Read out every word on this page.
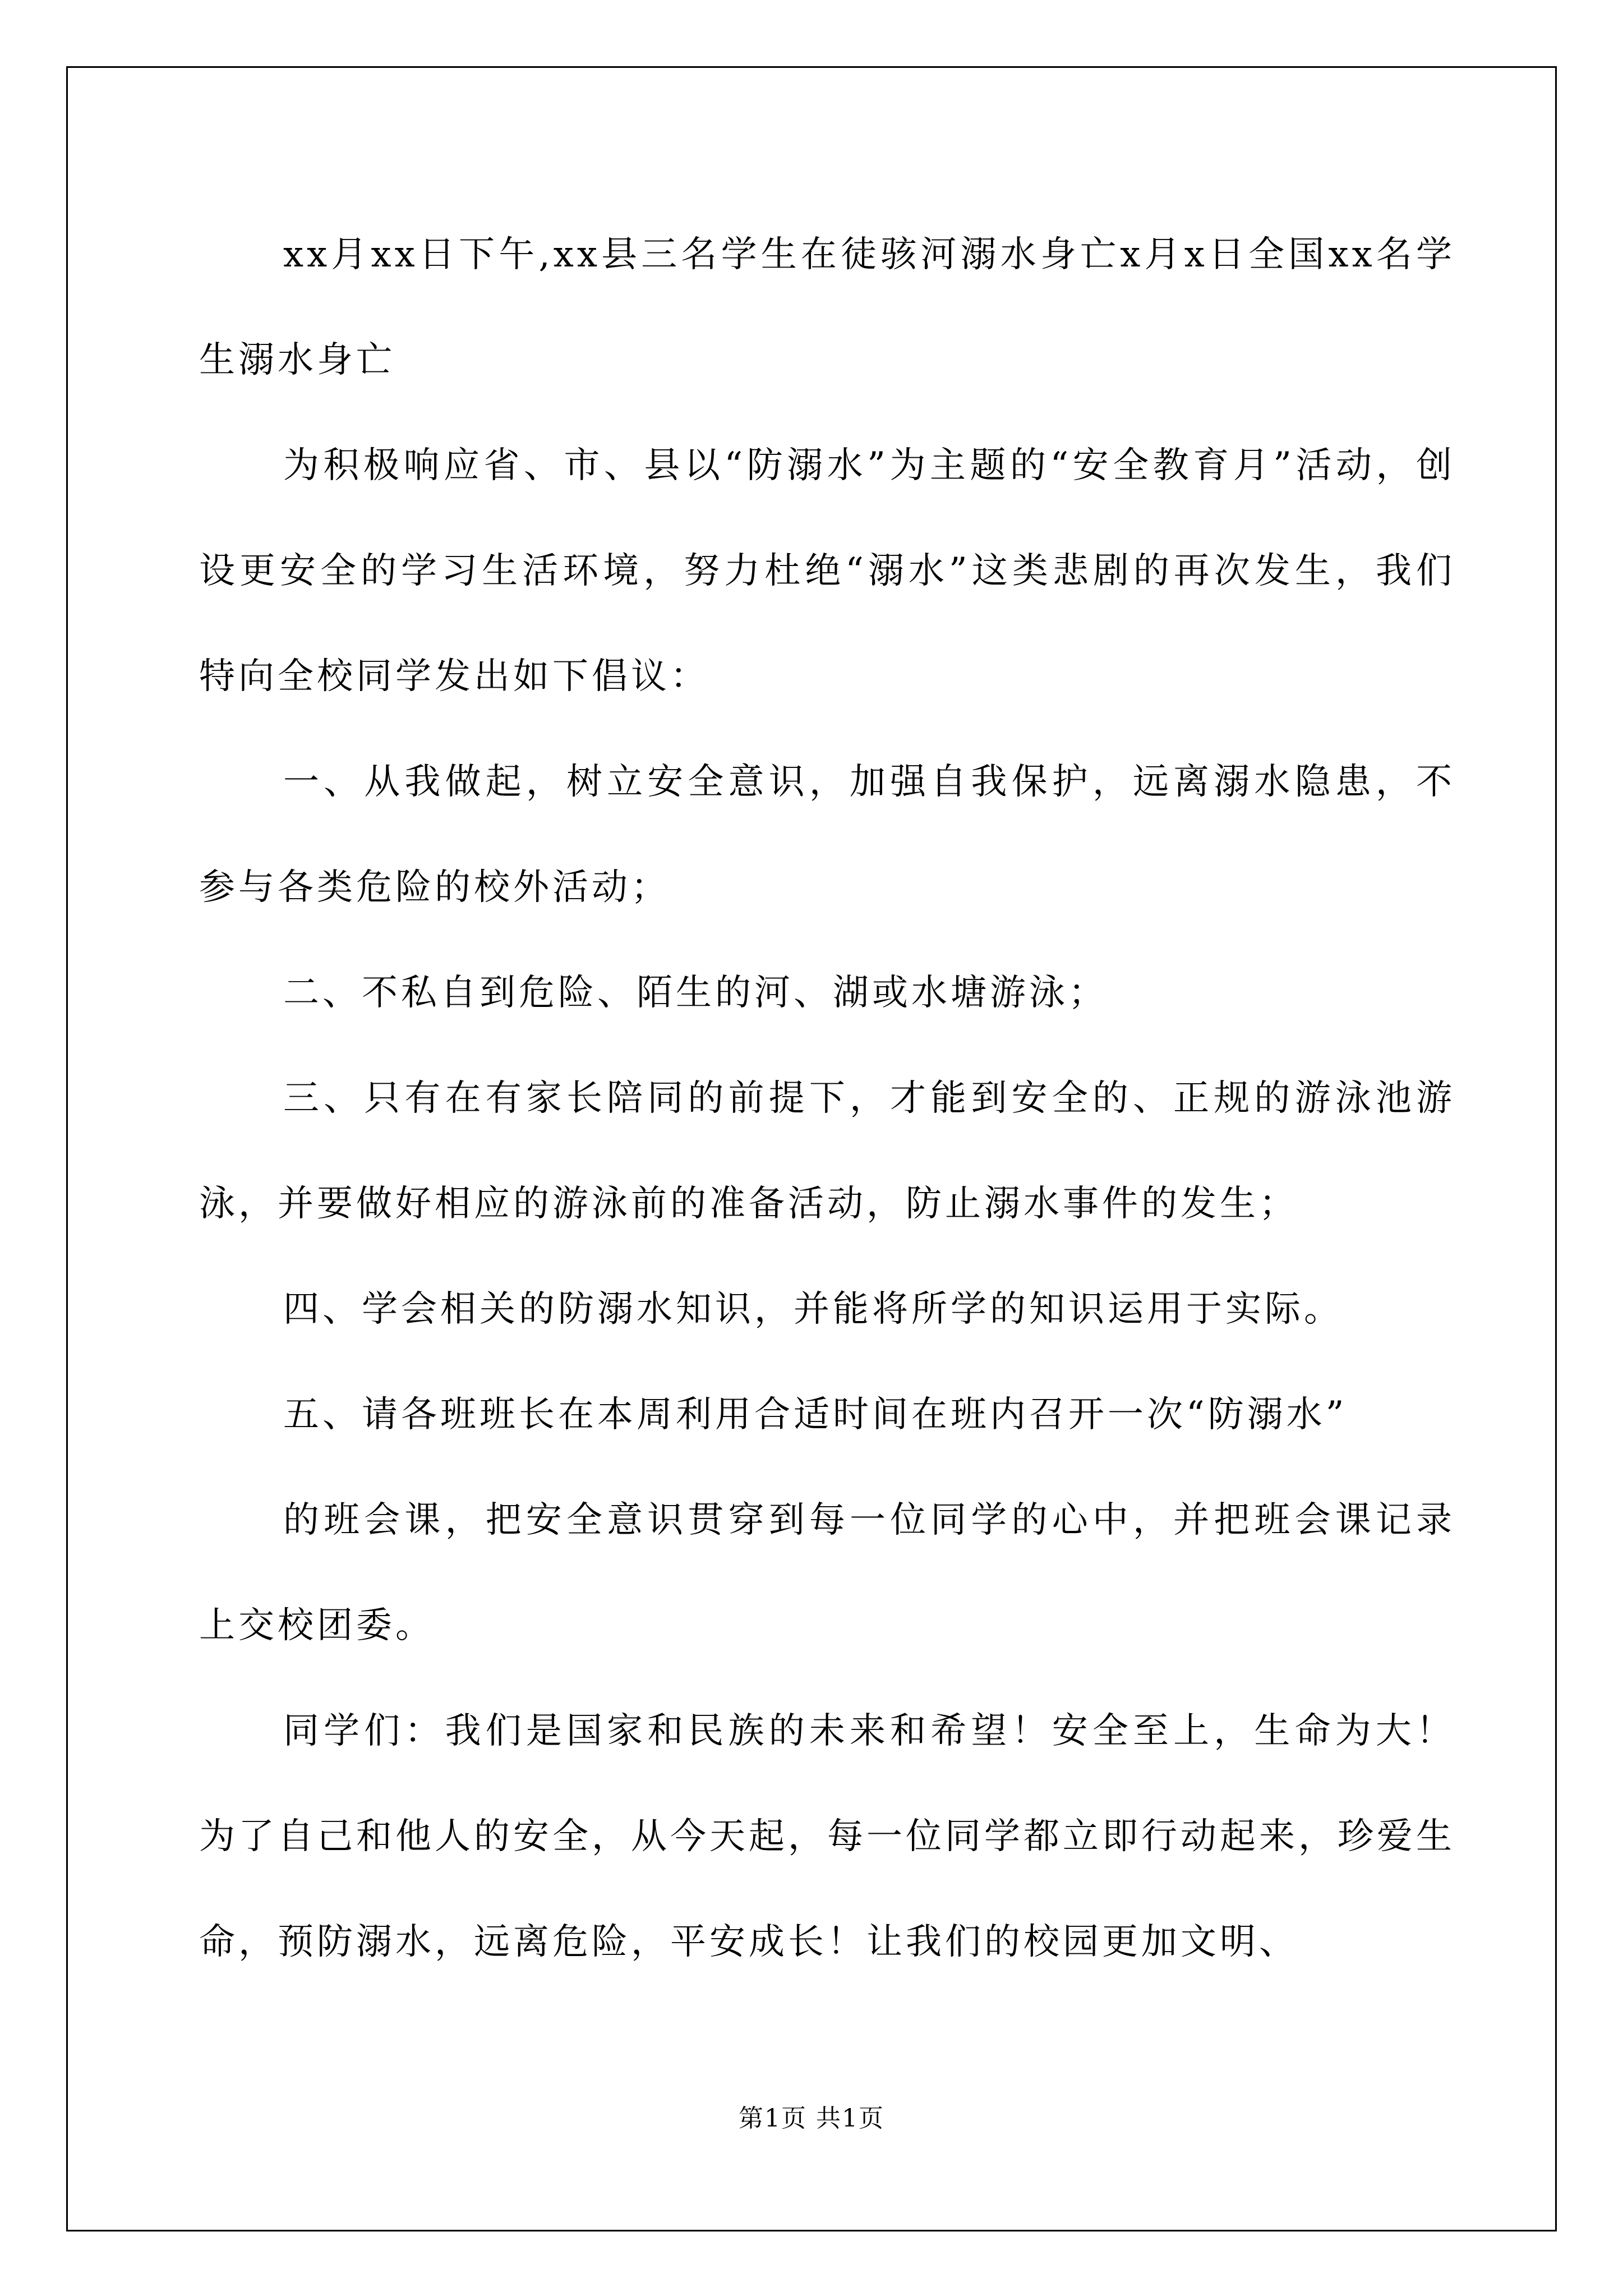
xx月xx日下午,xx县三名学生在徒骇河溺水身亡x月x日全国xx名学生溺水身亡

为积极响应省、市、县以“防溺水”为主题的“安全教育月”活动，创设更安全的学习生活环境，努力杜绝“溺水”这类悲剧的再次发生，我们特向全校同学发出如下倡议：

一、从我做起，树立安全意识，加强自我保护，远离溺水隐患，不参与各类危险的校外活动；

二、不私自到危险、陌生的河、湖或水塘游泳；

三、只有在有家长陪同的前提下，才能到安全的、正规的游泳池游泳，并要做好相应的游泳前的准备活动，防止溺水事件的发生；

四、学会相关的防溺水知识，并能将所学的知识运用于实际。

五、请各班班长在本周利用合适时间在班内召开一次“防溺水”

的班会课，把安全意识贯穿到每一位同学的心中，并把班会课记录上交校团委。

同学们：我们是国家和民族的未来和希望！安全至上，生命为大！为了自己和他人的安全，从今天起，每一位同学都立即行动起来，珍爱生命，预防溺水，远离危险，平安成长！让我们的校园更加文明、

第1页 共1页
